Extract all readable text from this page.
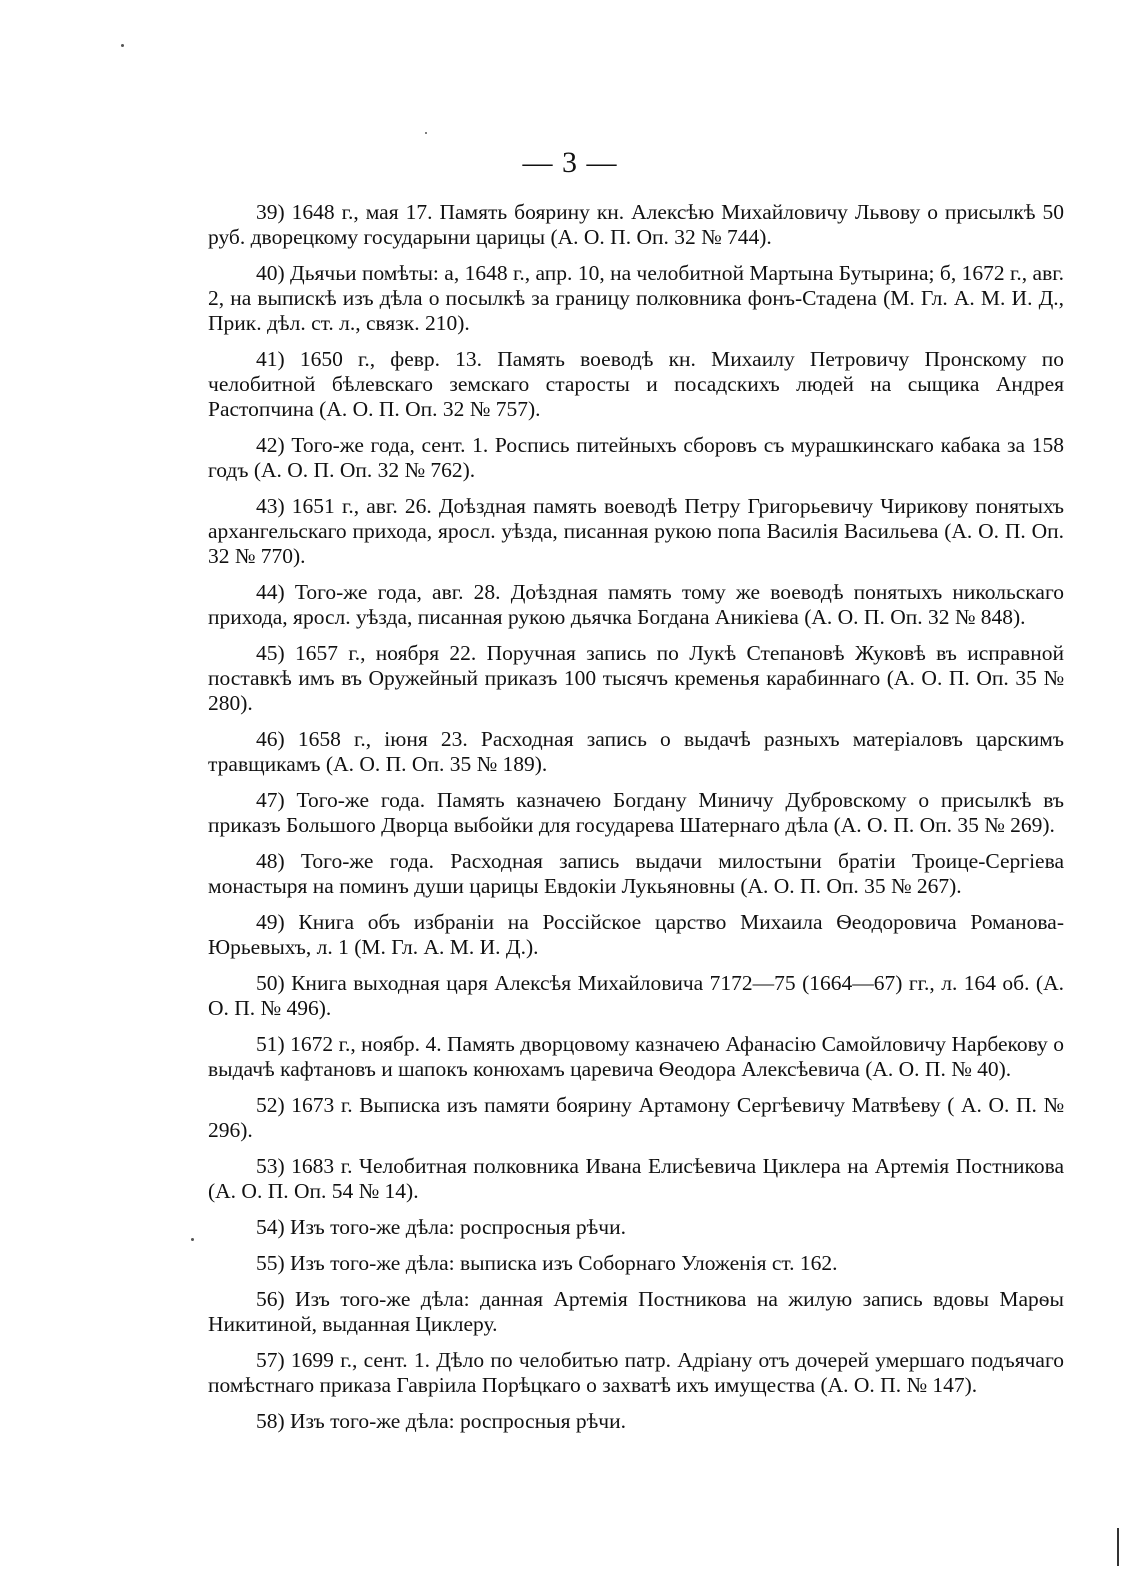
— 3 —

39) 1648 г., мая 17. Память боярину кн. Алексѣю Михайловичу Львову о присылкѣ 50 руб. дворецкому государыни царицы (А. О. П. Оп. 32 № 744).

40) Дьячьи помѣты: а, 1648 г., апр. 10, на челобитной Мартына Бутырина; б, 1672 г., авг. 2, на выпискѣ изъ дѣла о посылкѣ за границу полковника фонъ-Стадена (М. Гл. А. М. И. Д., Прик. дѣл. ст. л., связк. 210).

41) 1650 г., февр. 13. Память воеводѣ кн. Михаилу Петровичу Пронскому по челобитной бѣлевскаго земскаго старосты и посадскихъ людей на сыщика Андрея Растопчина (А. О. П. Оп. 32 № 757).

42) Того-же года, сент. 1. Роспись питейныхъ сборовъ съ мурашкинскаго кабака за 158 годъ (А. О. П. Оп. 32 № 762).

43) 1651 г., авг. 26. Доѣздная память воеводѣ Петру Григорьевичу Чирикову понятыхъ архангельскаго прихода, яросл. уѣзда, писанная рукою попа Василія Васильева (А. О. П. Оп. 32 № 770).

44) Того-же года, авг. 28. Доѣздная память тому же воеводѣ понятыхъ никольскаго прихода, яросл. уѣзда, писанная рукою дьячка Богдана Аникіева (А. О. П. Оп. 32 № 848).

45) 1657 г., ноября 22. Поручная запись по Лукѣ Степановѣ Жуковѣ въ исправной поставкѣ имъ въ Оружейный приказъ 100 тысячъ кременья карабиннаго (А. О. П. Оп. 35 № 280).

46) 1658 г., іюня 23. Расходная запись о выдачѣ разныхъ матеріаловъ царскимъ травщикамъ (А. О. П. Оп. 35 № 189).

47) Того-же года. Память казначею Богдану Миничу Дубровскому о присылкѣ въ приказъ Большого Дворца выбойки для государева Шатернаго дѣла (А. О. П. Оп. 35 № 269).

48) Того-же года. Расходная запись выдачи милостыни братіи Троице-Сергіева монастыря на поминъ души царицы Евдокіи Лукьяновны (А. О. П. Оп. 35 № 267).

49) Книга объ избраніи на Россійское царство Михаила Ѳеодоровича Романова-Юрьевыхъ, л. 1 (М. Гл. А. М. И. Д.).

50) Книга выходная царя Алексѣя Михайловича 7172—75 (1664—67) гг., л. 164 об. (А. О. П. № 496).

51) 1672 г., ноябр. 4. Память дворцовому казначею Афанасію Самойловичу Нарбекову о выдачѣ кафтановъ и шапокъ конюхамъ царевича Ѳеодора Алексѣевича (А. О. П. № 40).

52) 1673 г. Выписка изъ памяти боярину Артамону Сергѣевичу Матвѣеву ( А. О. П. № 296).

53) 1683 г. Челобитная полковника Ивана Елисѣевича Циклера на Артемія Постникова (А. О. П. Оп. 54 № 14).

54) Изъ того-же дѣла: роспросныя рѣчи.

55) Изъ того-же дѣла: выписка изъ Соборнаго Уложенія ст. 162.

56) Изъ того-же дѣла: данная Артемія Постникова на жилую запись вдовы Марѳы Никитиной, выданная Циклеру.

57) 1699 г., сент. 1. Дѣло по челобитью патр. Адріану отъ дочерей умершаго подъячаго помѣстнаго приказа Гаврiила Порѣцкаго о захватѣ ихъ имущества (А. О. П. № 147).

58) Изъ того-же дѣла: роспросныя рѣчи.
